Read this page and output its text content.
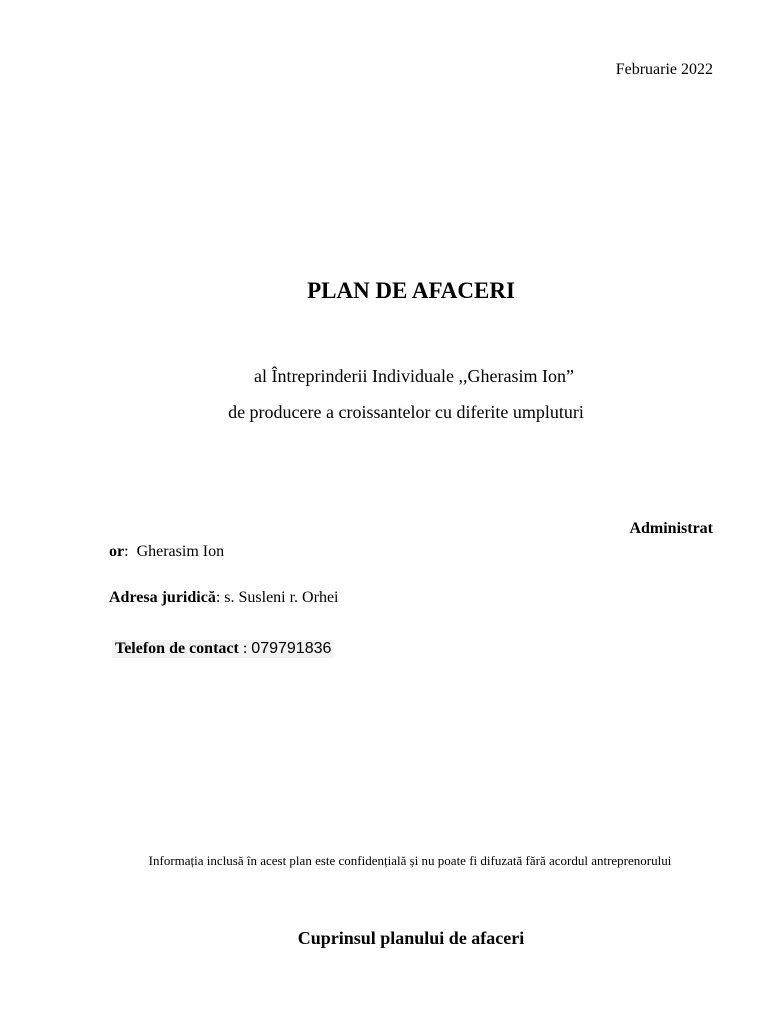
Februarie 2022
PLAN DE AFACERI
al Întreprinderii Individuale ,,Gherasim Ion”
de producere a croissantelor cu diferite umpluturi
Administrat
or:  Gherasim Ion
Adresa juridică: s. Susleni r. Orhei
Telefon de contact : 079791836
Informația inclusă în acest plan este confidențială și nu poate fi difuzată fără acordul antreprenorului
Cuprinsul planului de afaceri
